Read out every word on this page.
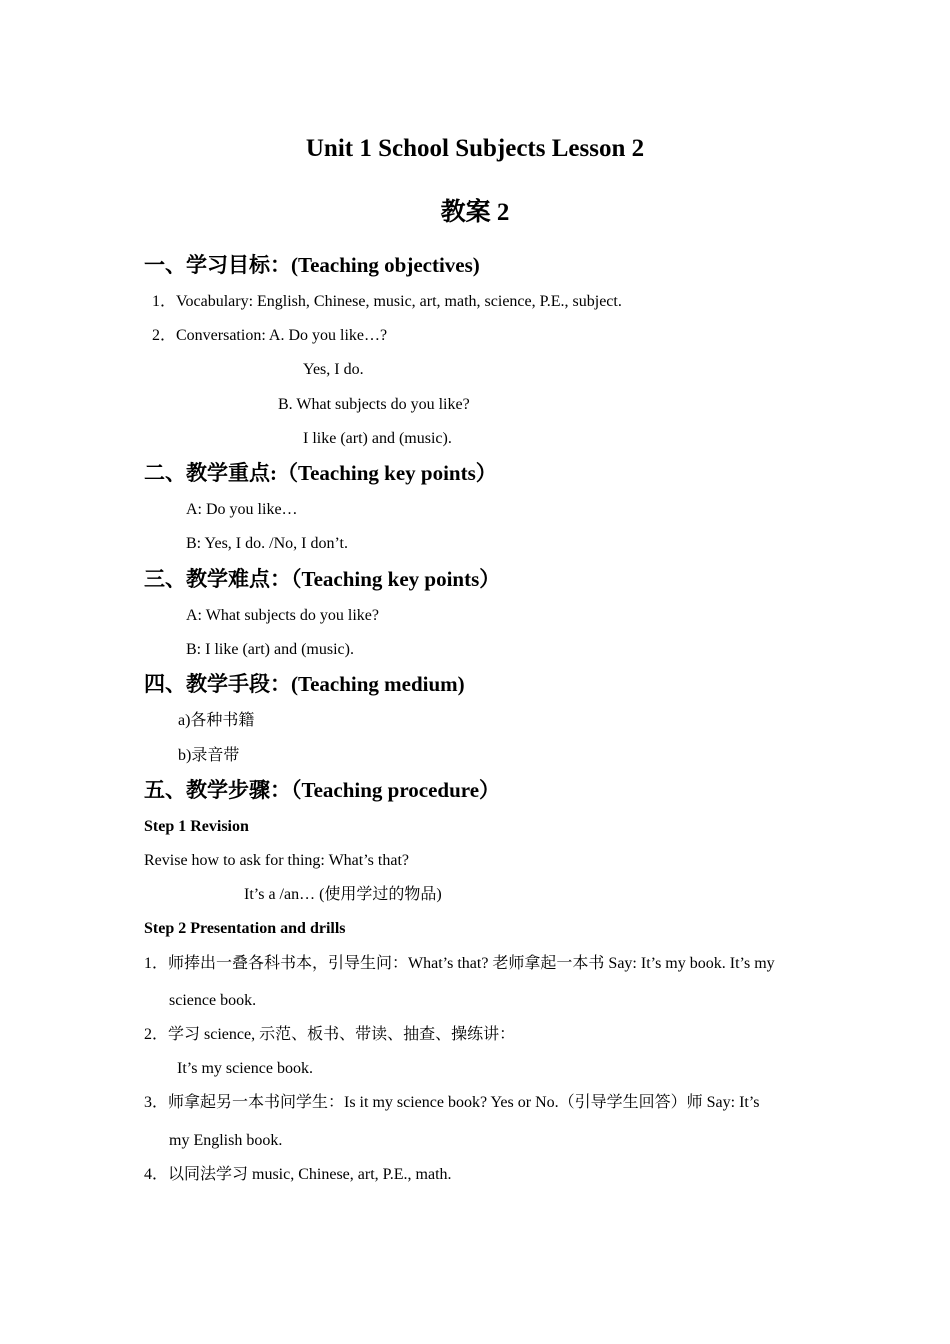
Unit 1 School Subjects Lesson 2
教案 2
一、学习目标：(Teaching objectives)
1．Vocabulary: English, Chinese, music, art, math, science, P.E., subject.
2．Conversation: A. Do you like…?
Yes, I do.
B. What subjects do you like?
I like (art) and (music).
二、教学重点:（Teaching key points）
A: Do you like…
B: Yes, I do. /No, I don’t.
三、教学难点：（Teaching key points）
A: What subjects do you like?
B: I like (art) and (music).
四、教学手段：(Teaching medium)
a)各种书籍
b)录音带
五、教学步骤：（Teaching procedure）
Step 1 Revision
Revise how to ask for thing: What’s that?
It’s a /an… (使用学过的物品)
Step 2 Presentation and drills
1．师捧出一叠各科书本，引导生问：What’s that? 老师拿起一本书 Say: It’s my book. It’s my
science book.
2．学习 science, 示范、板书、带读、抽查、操练讲：
It’s my science book.
3．师拿起另一本书问学生：Is it my science book? Yes or No.（引导学生回答）师 Say: It’s
my English book.
4．以同法学习 music, Chinese, art, P.E., math.
